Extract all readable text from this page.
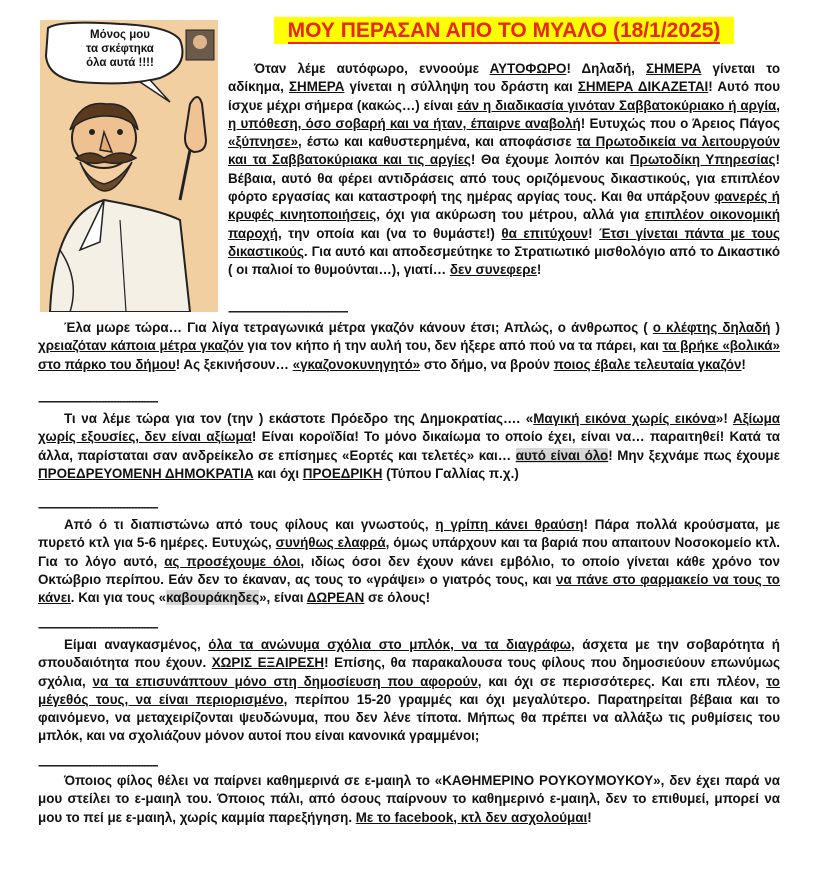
ΜΟΥ ΠΕΡΑΣΑΝ ΑΠΟ ΤΟ ΜΥΑΛΟ (18/1/2025)
Μόνος μου
τα σκέφτηκα
όλα αυτά !!!!	Όταν λέμε αυτόφωρο, εννοούμε ΑΥΤΟΦΩΡΟ! Δηλαδή, ΣΗΜΕΡΑ γίνεται το αδίκημα, ΣΗΜΕΡΑ γίνεται η σύλληψη του δράστη και ΣΗΜΕΡΑ ΔΙΚΑΖΕΤΑΙ! Αυτό που ίσχυε μέχρι σήμερα (κακώς…) είναι εάν η διαδικασία γινόταν Σαββατοκύριακο ή αργία, η υπόθεση, όσο σοβαρή και να ήταν, έπαιρνε αναβολή! Ευτυχώς που ο Άρειος Πάγος «ξύπνησε», έστω και καθυστερημένα, και αποφάσισε τα Πρωτοδικεία να λειτουργούν και τα Σαββατοκύριακα και τις αργίες! Θα έχουμε λοιπόν και Πρωτοδίκη Υπηρεσίας! Βέβαια, αυτό θα φέρει αντιδράσεις από τους οριζόμενους δικαστικούς, για επιπλέον φόρτο εργασίας και καταστροφή της ημέρας αργίας τους. Και θα υπάρξουν φανερές ή κρυφές κινητοποιήσεις, όχι για ακύρωση του μέτρου, αλλά για επιπλέον οικονομική παροχή, την οποία και (να το θυμάστε!) θα επιτύχουν! Έτσι γίνεται πάντα με τους δικαστικούς. Για αυτό και αποδεσμεύτηκε το Στρατιωτικό μισθολόγιο από το Δικαστικό ( οι παλιοί το θυμούνται…), γιατί… δεν συνεφερε!

----------------------------------------

Έλα μωρε τώρα… Για λίγα τετραγωνικά μέτρα γκαζόν κάνουν έτσι; Απλώς, ο άνθρωπος ( ο κλέφτης δηλαδή ) χρειαζόταν κάποια μέτρα γκαζόν για τον κήπο ή την αυλή του, δεν ήξερε από πού να τα πάρει, και τα βρήκε «βολικά» στο πάρκο του δήμου! Ας ξεκινήσουν… «γκαζονοκυνηγητό» στο δήμο, να βρούν ποιος έβαλε τελευταία γκαζόν!

----------------------------------------

Τι να λέμε τώρα για τον (την ) εκάστοτε Πρόεδρο της Δημοκρατίας…. «Μαγική εικόνα χωρίς εικόνα»! Αξίωμα χωρίς εξουσίες, δεν είναι αξίωμα! Είναι κοροϊδία! Το μόνο δικαίωμα το οποίο έχει, είναι να… παραιτηθεί! Κατά τα άλλα, παρίσταται σαν ανδρείκελο σε επίσημες «Εορτές και τελετές» και… αυτό είναι όλο! Μην ξεχνάμε πως έχουμε ΠΡΟΕΔΡΕΥΟΜΕΝΗ ΔΗΜΟΚΡΑΤΙΑ και όχι ΠΡΟΕΔΡΙΚΗ (Τύπου Γαλλίας π.χ.)

----------------------------------------

Από ό τι διαπιστώνω από τους φίλους και γνωστούς, η γρίπη κάνει θραύση! Πάρα πολλά κρούσματα, με πυρετό κτλ για 5-6 ημέρες. Ευτυχώς, συνήθως ελαφρά, όμως υπάρχουν και τα βαριά που απαιτουν Νοσοκομείο κτλ. Για το λόγο αυτό, ας προσέχουμε όλοι, ιδίως όσοι δεν έχουν κάνει εμβόλιο, το οποίο γίνεται κάθε χρόνο τον Οκτώβριο περίπου. Εάν δεν το έκαναν, ας τους το «γράψει» ο γιατρός τους, και να πάνε στο φαρμακείο να τους το κάνει. Και για τους «καβουράκηδες», είναι ΔΩΡΕΑΝ σε όλους!

----------------------------------------

Είμαι αναγκασμένος, όλα τα ανώνυμα σχόλια στο μπλόκ, να τα διαγράφω, άσχετα με την σοβαρότητα ή σπουδαιότητα που έχουν. ΧΩΡΙΣ ΕΞΑΙΡΕΣΗ! Επίσης, θα παρακαλουσα τους φίλους που δημοσιεύουν επωνύμως σχόλια, να τα επισυνάπτουν μόνο στη δημοσίευση που αφορούν, και όχι σε περισσότερες. Και επι πλέον, το μέγεθός τους, να είναι περιορισμένο, περίπου 15-20 γραμμές και όχι μεγαλύτερο. Παρατηρείται βέβαια και το φαινόμενο, να μεταχειρίζονται ψευδώνυμα, που δεν λένε τίποτα. Μήπως θα πρέπει να αλλάξω τις ρυθμίσεις του μπλόκ, και να σχολιάζουν μόνον αυτοί που είναι κανονικά γραμμένοι;

----------------------------------------

Όποιος φίλος θέλει να παίρνει καθημερινά σε ε-μαιηλ το «ΚΑΘΗΜΕΡΙΝΟ ΡΟΥΚΟΥΜΟΥΚΟΥ», δεν έχει παρά να μου στείλει το ε-μαιηλ του. Όποιος πάλι, από όσους παίρνουν το καθημερινό ε-μαιηλ, δεν το επιθυμεί, μπορεί να μου το πεί με ε-μαιηλ, χωρίς καμμία παρεξήγηση. Με το facebook, κτλ δεν ασχολούμαι!
